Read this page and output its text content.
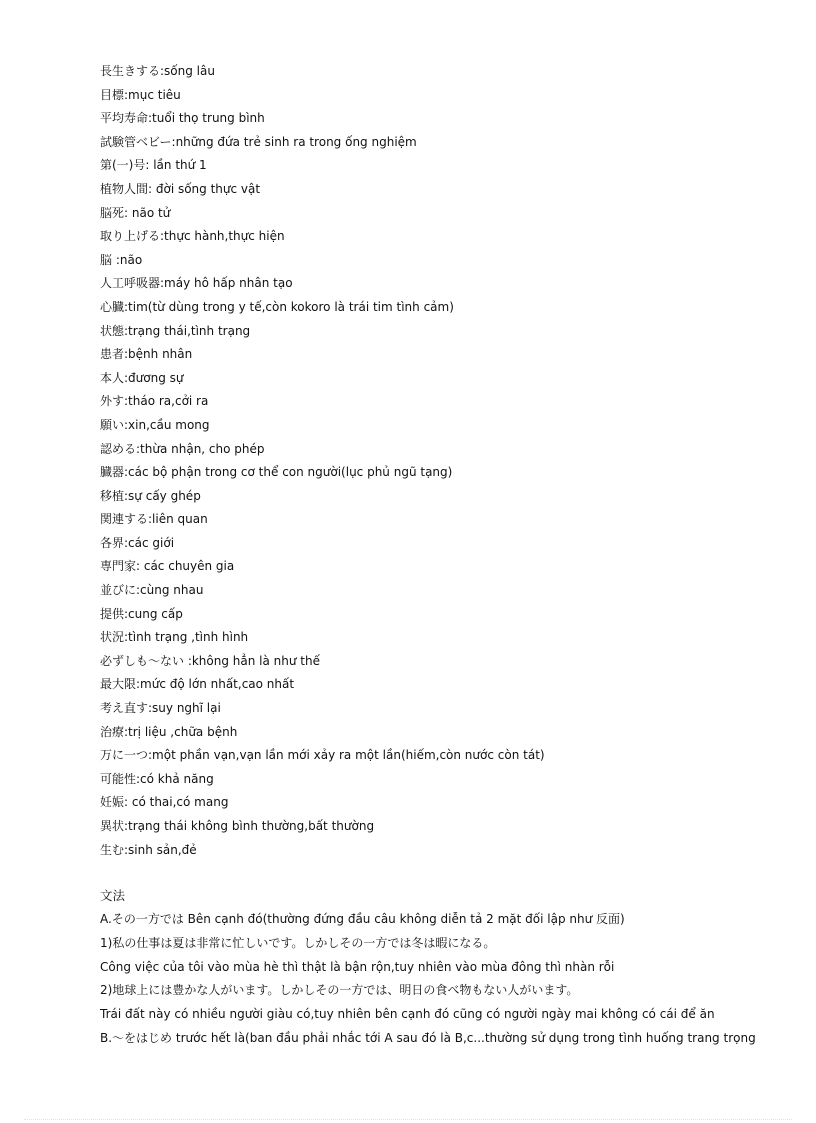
長生きする:sống lâu
目標:mục tiêu
平均寿命:tuổi thọ trung bình
試験管ベビー:những đứa trẻ sinh ra trong ống nghiệm
第(一)号: lần thứ 1
植物人間: đời sống thực vật
脳死: não tử
取り上げる:thực hành,thực hiện
脳 :não
人工呼吸器:máy hô hấp nhân tạo
心臓:tim(từ dùng trong y tế,còn kokoro là trái tim tình cảm)
状態:trạng thái,tình trạng
患者:bệnh nhân
本人:đương sự
外す:tháo ra,cởi ra
願い:xin,cầu mong
認める:thừa nhận, cho phép
臓器:các bộ phận trong cơ thể con người(lục phủ ngũ tạng)
移植:sự cấy ghép
関連する:liên quan
各界:các giới
専門家: các chuyên gia
並びに:cùng nhau
提供:cung cấp
状況:tình trạng ,tình hình
必ずしも〜ない :không hẳn là như thế
最大限:mức độ lớn nhất,cao nhất
考え直す:suy nghĩ lại
治療:trị liệu ,chữa bệnh
万に一つ:một phần vạn,vạn lần mới xảy ra một lần(hiếm,còn nước còn tát)
可能性:có khả năng
妊娠: có thai,có mang
異状:trạng thái không bình thường,bất thường
生む:sinh sản,đẻ
文法
A.その一方では Bên cạnh đó(thường đứng đầu câu không diễn tả 2 mặt đối lập như 反面)
1)私の仕事は夏は非常に忙しいです。しかしその一方では冬は暇になる。
Công việc của tôi vào mùa hè thì thật là bận rộn,tuy nhiên vào mùa đông thì nhàn rỗi
2)地球上には豊かな人がいます。しかしその一方では、明日の食べ物もない人がいます。
Trái đất này có nhiều người giàu có,tuy nhiên bên cạnh đó cũng có người ngày mai không có cái để ăn
B.〜をはじめ trước hết là(ban đầu phải nhắc tới A sau đó là B,c...thường sử dụng trong tình huống trang trọng
